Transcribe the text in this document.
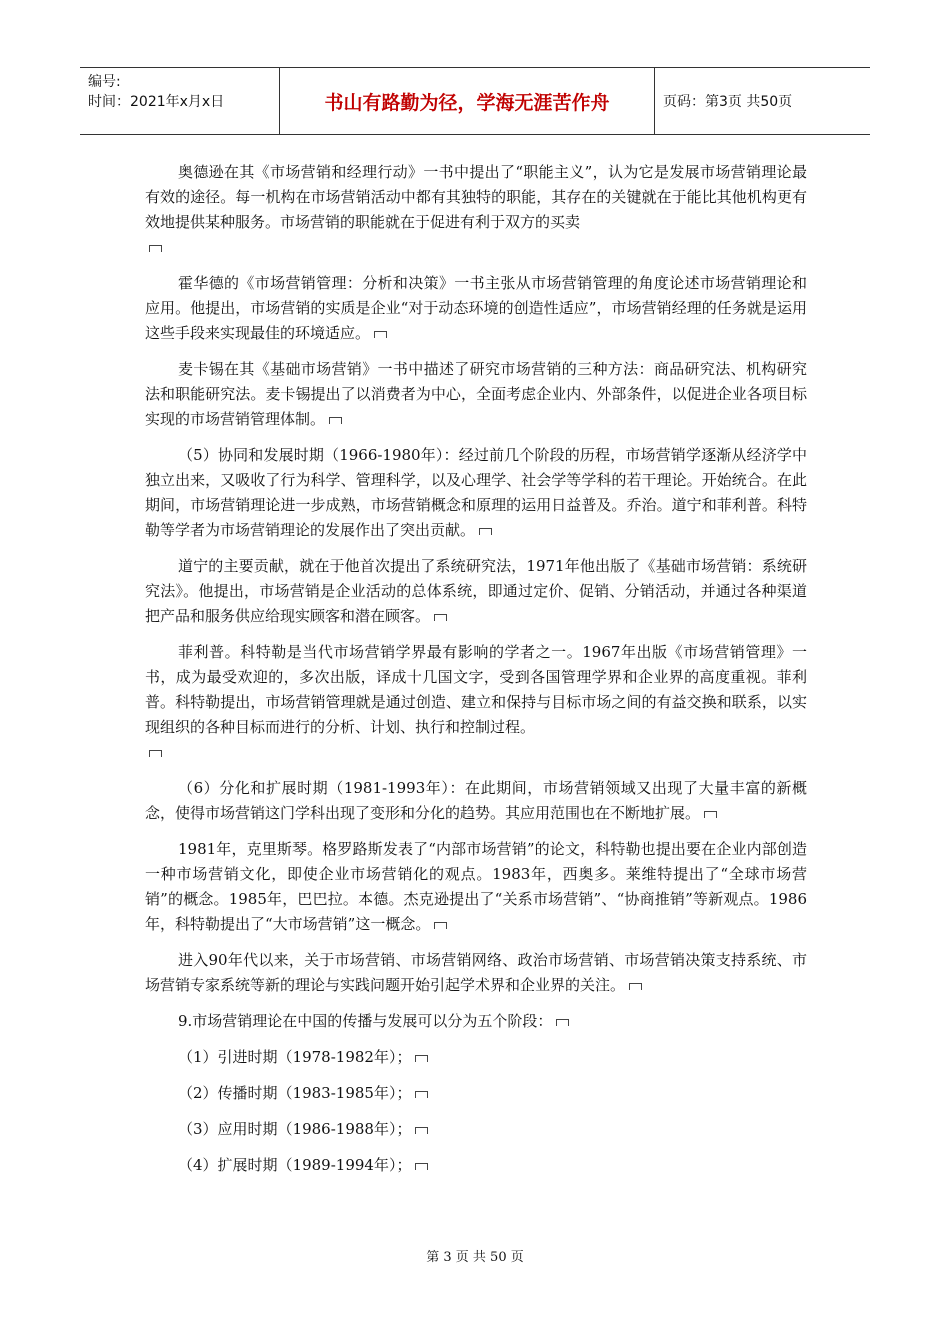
编号:
时间：2021年x月x日	书山有路勤为径，学海无涯苦作舟	页码：第3页 共50页

奥德逊在其《市场营销和经理行动》一书中提出了“职能主义”，认为它是发展市场营销理论最有效的途径。每一机构在市场营销活动中都有其独特的职能，其存在的关键就在于能比其他机构更有效地提供某种服务。市场营销的职能就在于促进有利于双方的买卖

霍华德的《市场营销管理：分析和决策》一书主张从市场营销管理的角度论述市场营销理论和应用。他提出，市场营销的实质是企业“对于动态环境的创造性适应”，市场营销经理的任务就是运用这些手段来实现最佳的环境适应。

麦卡锡在其《基础市场营销》一书中描述了研究市场营销的三种方法：商品研究法、机构研究法和职能研究法。麦卡锡提出了以消费者为中心，全面考虑企业内、外部条件，以促进企业各项目标实现的市场营销管理体制。

（5）协同和发展时期（1966-1980年）：经过前几个阶段的历程，市场营销学逐渐从经济学中独立出来，又吸收了行为科学、管理科学，以及心理学、社会学等学科的若干理论。开始统合。在此期间，市场营销理论进一步成熟，市场营销概念和原理的运用日益普及。乔治。道宁和菲利普。科特勒等学者为市场营销理论的发展作出了突出贡献。

道宁的主要贡献，就在于他首次提出了系统研究法，1971年他出版了《基础市场营销：系统研究法》。他提出，市场营销是企业活动的总体系统，即通过定价、促销、分销活动，并通过各种渠道把产品和服务供应给现实顾客和潜在顾客。

菲利普。科特勒是当代市场营销学界最有影响的学者之一。1967年出版《市场营销管理》一书，成为最受欢迎的，多次出版，译成十几国文字，受到各国管理学界和企业界的高度重视。菲利普。科特勒提出，市场营销管理就是通过创造、建立和保持与目标市场之间的有益交换和联系，以实现组织的各种目标而进行的分析、计划、执行和控制过程。

（6）分化和扩展时期（1981-1993年）：在此期间，市场营销领域又出现了大量丰富的新概念，使得市场营销这门学科出现了变形和分化的趋势。其应用范围也在不断地扩展。

1981年，克里斯琴。格罗路斯发表了“内部市场营销”的论文，科特勒也提出要在企业内部创造一种市场营销文化，即使企业市场营销化的观点。1983年，西奥多。莱维特提出了“全球市场营销”的概念。1985年，巴巴拉。本德。杰克逊提出了“关系市场营销”、“协商推销”等新观点。1986年，科特勒提出了“大市场营销”这一概念。

进入90年代以来，关于市场营销、市场营销网络、政治市场营销、市场营销决策支持系统、市场营销专家系统等新的理论与实践问题开始引起学术界和企业界的关注。

9.市场营销理论在中国的传播与发展可以分为五个阶段：

（1）引进时期（1978-1982年）；

（2）传播时期（1983-1985年）；

（3）应用时期（1986-1988年）；

（4）扩展时期（1989-1994年）；

第 3 页 共 50 页
